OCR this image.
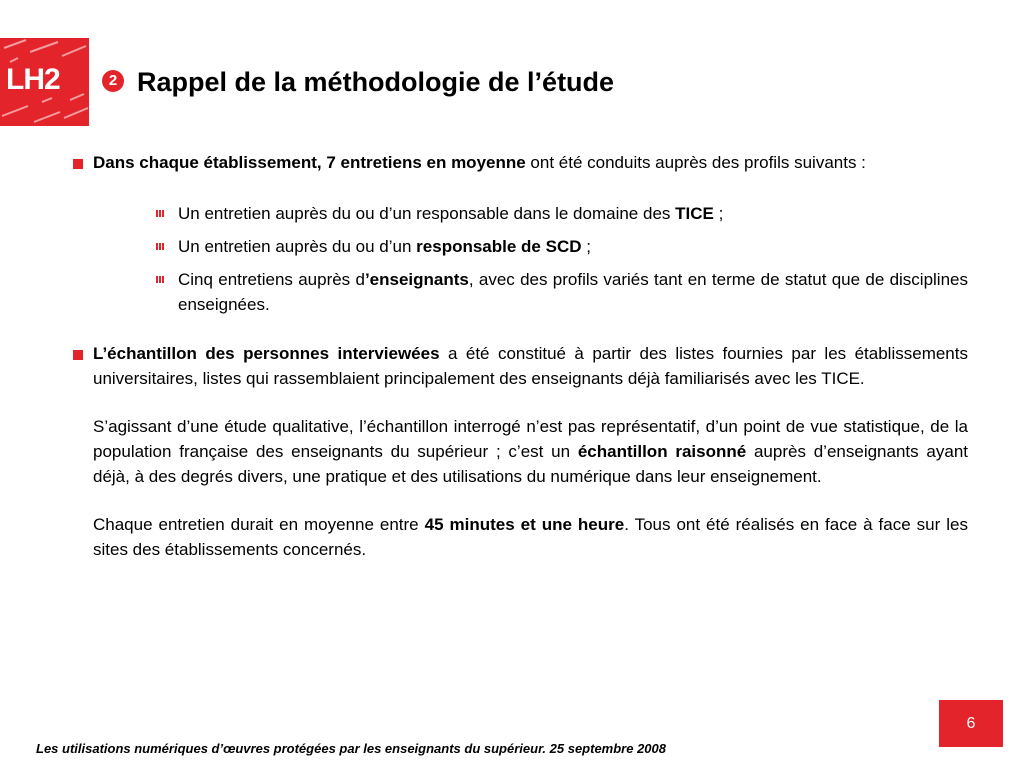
LH2	2 Rappel de la méthodologie de l’étude

Dans chaque établissement, 7 entretiens en moyenne ont été conduits auprès des profils suivants :

Un entretien auprès du ou d’un responsable dans le domaine des TICE ;
Un entretien auprès du ou d’un responsable de SCD ;
Cinq entretiens auprès d’enseignants, avec des profils variés tant en terme de statut que de disciplines enseignées.

L’échantillon des personnes interviewées a été constitué à partir des listes fournies par les établissements universitaires, listes qui rassemblaient principalement des enseignants déjà familiarisés avec les TICE.

S’agissant d’une étude qualitative, l’échantillon interrogé n’est pas représentatif, d’un point de vue statistique, de la population française des enseignants du supérieur ; c’est un échantillon raisonné auprès d’enseignants ayant déjà, à des degrés divers, une pratique et des utilisations du numérique dans leur enseignement.

Chaque entretien durait en moyenne entre 45 minutes et une heure. Tous ont été réalisés en face à face sur les sites des établissements concernés.

6
Les utilisations numériques d’œuvres protégées par les enseignants du supérieur. 25 septembre 2008
